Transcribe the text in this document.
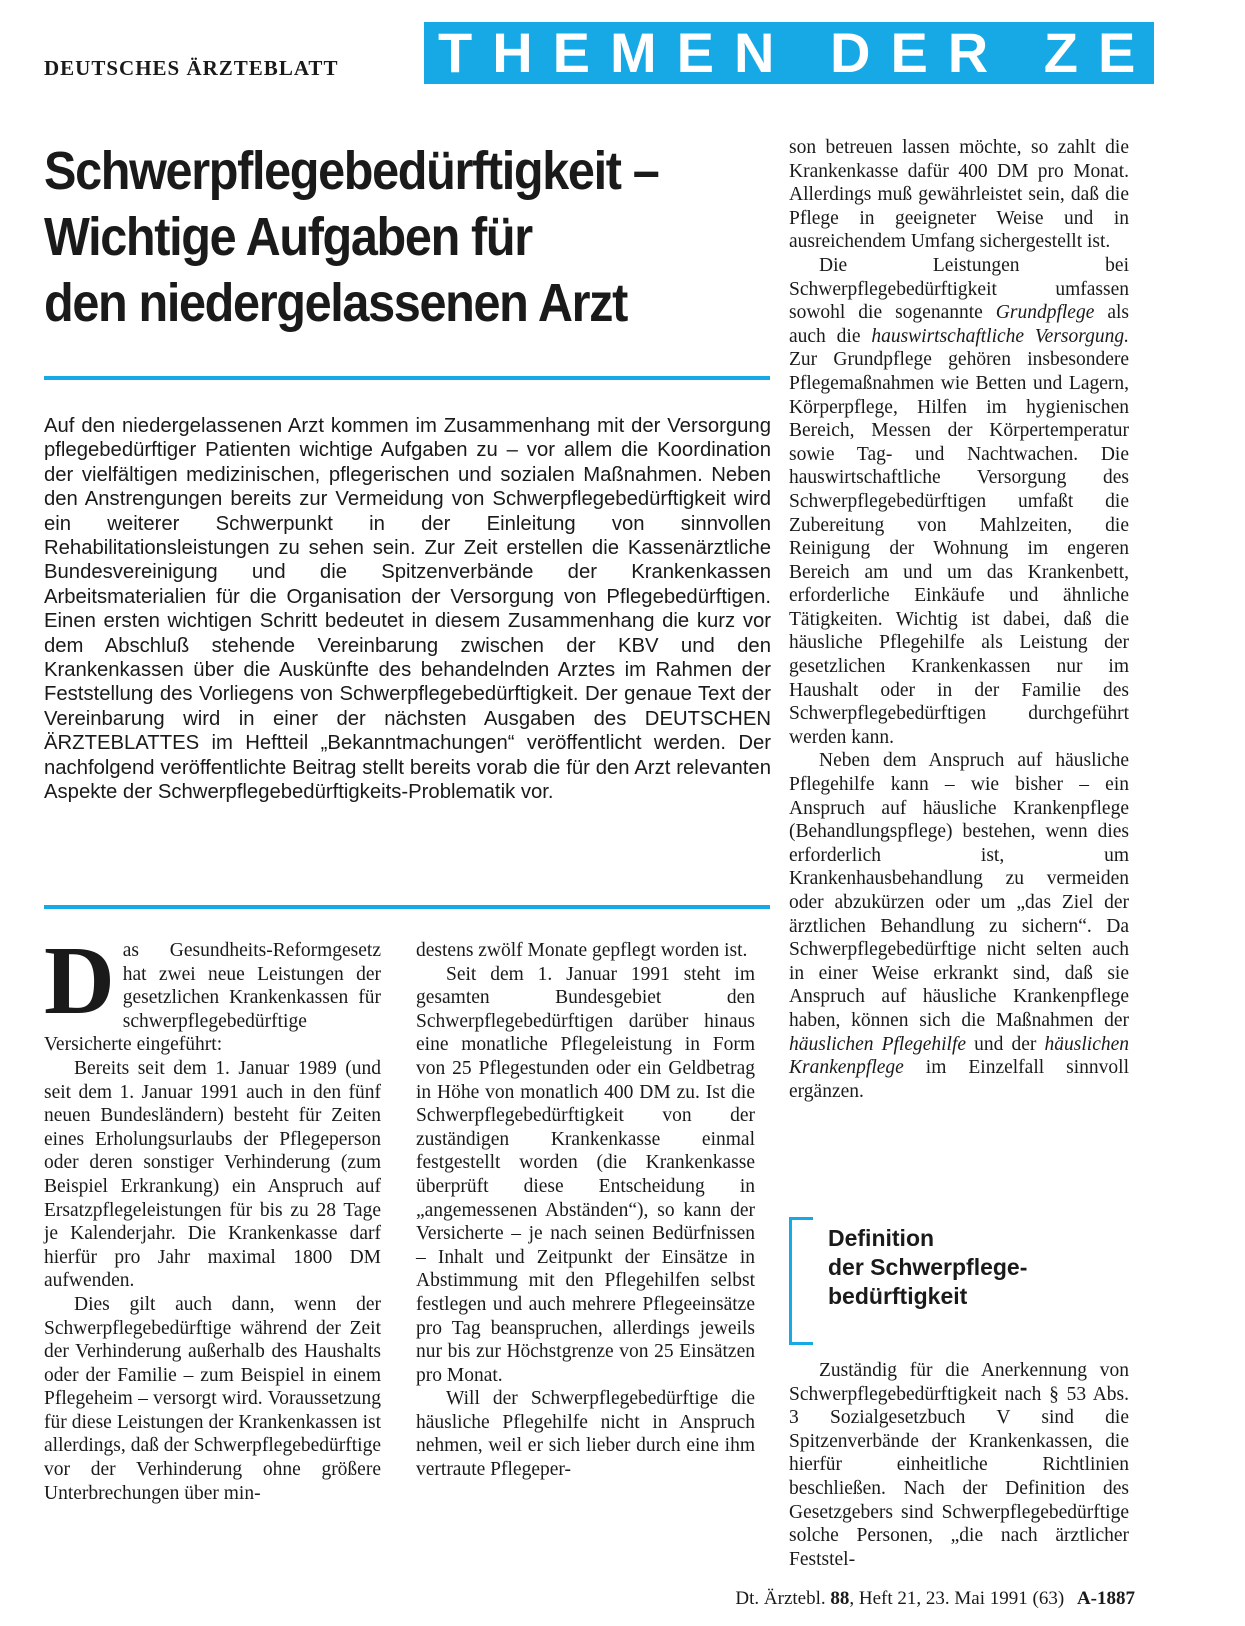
DEUTSCHES ÄRZTEBLATT THEMEN DER ZEIT
Schwerpflegebedürftigkeit –
Wichtige Aufgaben für
den niedergelassenen Arzt

Auf den niedergelassenen Arzt kommen im Zusammenhang mit der Versorgung pflegebedürftiger Patienten wichtige Aufgaben zu – vor allem die Koordination der vielfältigen medizinischen, pflegerischen und sozialen Maßnahmen. Neben den Anstrengungen bereits zur Vermeidung von Schwerpflegebedürftigkeit wird ein weiterer Schwerpunkt in der Einleitung von sinnvollen Rehabilitationsleistungen zu sehen sein. Zur Zeit erstellen die Kassenärztliche Bundesvereinigung und die Spitzenverbände der Krankenkassen Arbeitsmaterialien für die Organisation der Versorgung von Pflegebedürftigen. Einen ersten wichtigen Schritt bedeutet in diesem Zusammenhang die kurz vor dem Abschluß stehende Vereinbarung zwischen der KBV und den Krankenkassen über die Auskünfte des behandelnden Arztes im Rahmen der Feststellung des Vorliegens von Schwerpflegebedürftigkeit. Der genaue Text der Vereinbarung wird in einer der nächsten Ausgaben des DEUTSCHEN ÄRZTEBLATTES im Heftteil „Bekanntmachungen“ veröffentlicht werden. Der nachfolgend veröffentlichte Beitrag stellt bereits vorab die für den Arzt relevanten Aspekte der Schwerpflegebedürftigkeits-Problematik vor.

son betreuen lassen möchte, so zahlt die Krankenkasse dafür 400 DM pro Monat. Allerdings muß gewährleistet sein, daß die Pflege in geeigneter Weise und in ausreichendem Umfang sichergestellt ist.

Die Leistungen bei Schwerpflegebedürftigkeit umfassen sowohl die sogenannte Grundpflege als auch die hauswirtschaftliche Versorgung. Zur Grundpflege gehören insbesondere Pflegemaßnahmen wie Betten und Lagern, Körperpflege, Hilfen im hygienischen Bereich, Messen der Körpertemperatur sowie Tag- und Nachtwachen. Die hauswirtschaftliche Versorgung des Schwerpflegebedürftigen umfaßt die Zubereitung von Mahlzeiten, die Reinigung der Wohnung im engeren Bereich am und um das Krankenbett, erforderliche Einkäufe und ähnliche Tätigkeiten. Wichtig ist dabei, daß die häusliche Pflegehilfe als Leistung der gesetzlichen Krankenkassen nur im Haushalt oder in der Familie des Schwerpflegebedürftigen durchgeführt werden kann.

Neben dem Anspruch auf häusliche Pflegehilfe kann – wie bisher – ein Anspruch auf häusliche Krankenpflege (Behandlungspflege) bestehen, wenn dies erforderlich ist, um Krankenhausbehandlung zu vermeiden oder abzukürzen oder um „das Ziel der ärztlichen Behandlung zu sichern“. Da Schwerpflegebedürftige nicht selten auch in einer Weise erkrankt sind, daß sie Anspruch auf häusliche Krankenpflege haben, können sich die Maßnahmen der häuslichen Pflegehilfe und der häuslichen Krankenpflege im Einzelfall sinnvoll ergänzen.

Das Gesundheits-Reformgesetz hat zwei neue Leistungen der gesetzlichen Krankenkassen für schwerpflegebedürftige Versicherte eingeführt:

Bereits seit dem 1. Januar 1989 (und seit dem 1. Januar 1991 auch in den fünf neuen Bundesländern) besteht für Zeiten eines Erholungsurlaubs der Pflegeperson oder deren sonstiger Verhinderung (zum Beispiel Erkrankung) ein Anspruch auf Ersatzpflegeleistungen für bis zu 28 Tage je Kalenderjahr. Die Krankenkasse darf hierfür pro Jahr maximal 1800 DM aufwenden.

Dies gilt auch dann, wenn der Schwerpflegebedürftige während der Zeit der Verhinderung außerhalb des Haushalts oder der Familie – zum Beispiel in einem Pflegeheim – versorgt wird. Voraussetzung für diese Leistungen der Krankenkassen ist allerdings, daß der Schwerpflegebedürftige vor der Verhinderung ohne größere Unterbrechungen über min-

destens zwölf Monate gepflegt worden ist.

Seit dem 1. Januar 1991 steht im gesamten Bundesgebiet den Schwerpflegebedürftigen darüber hinaus eine monatliche Pflegeleistung in Form von 25 Pflegestunden oder ein Geldbetrag in Höhe von monatlich 400 DM zu. Ist die Schwerpflegebedürftigkeit von der zuständigen Krankenkasse einmal festgestellt worden (die Krankenkasse überprüft diese Entscheidung in „angemessenen Abständen“), so kann der Versicherte – je nach seinen Bedürfnissen – Inhalt und Zeitpunkt der Einsätze in Abstimmung mit den Pflegehilfen selbst festlegen und auch mehrere Pflegeeinsätze pro Tag beanspruchen, allerdings jeweils nur bis zur Höchstgrenze von 25 Einsätzen pro Monat.

Will der Schwerpflegebedürftige die häusliche Pflegehilfe nicht in Anspruch nehmen, weil er sich lieber durch eine ihm vertraute Pflegeper-

Definition
der Schwerpflege-
bedürftigkeit

Zuständig für die Anerkennung von Schwerpflegebedürftigkeit nach § 53 Abs. 3 Sozialgesetzbuch V sind die Spitzenverbände der Krankenkassen, die hierfür einheitliche Richtlinien beschließen. Nach der Definition des Gesetzgebers sind Schwerpflegebedürftige solche Personen, „die nach ärztlicher Feststel-

Dt. Ärztebl. 88, Heft 21, 23. Mai 1991 (63) A-1887
